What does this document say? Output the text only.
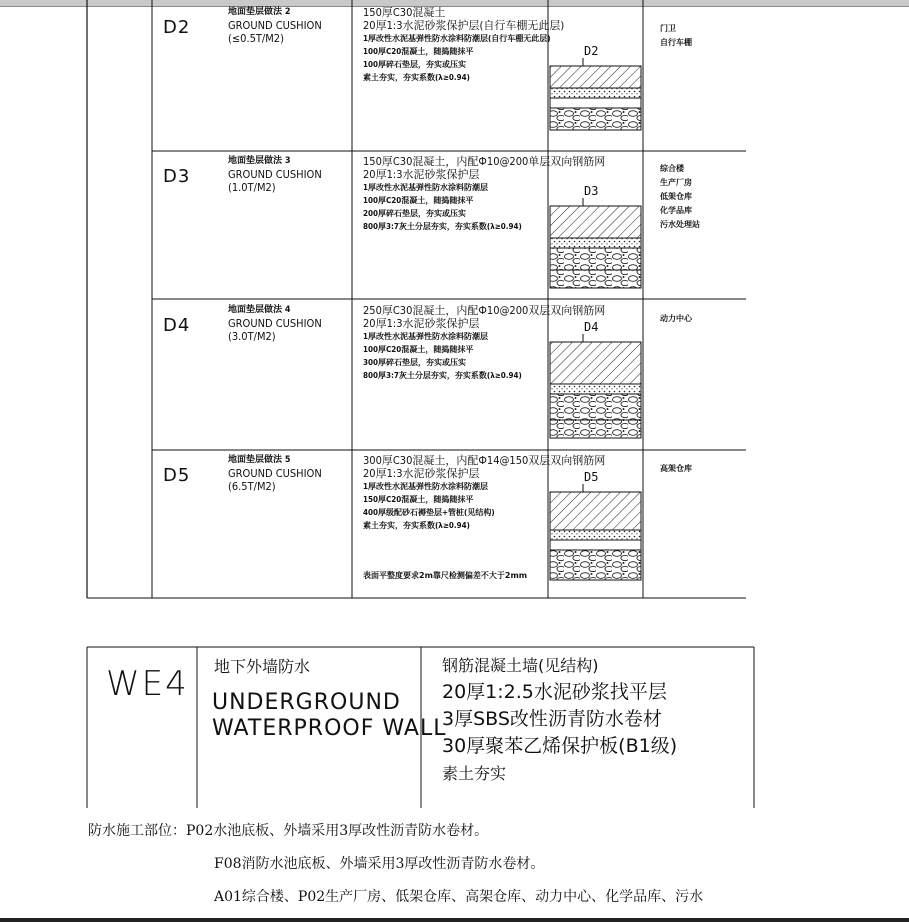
D2
地面垫层做法 2
GROUND CUSHION
(≤0.5T/M2)
150厚C30混凝土
20厚1:3水泥砂浆保护层(自行车棚无此层)
1厚改性水泥基弹性防水涂料防潮层(自行车棚无此层)
100厚C20混凝土，随捣随抹平
100厚碎石垫层，夯实或压实
素土夯实，夯实系数(λ≥0.94)
D2
门卫
自行车棚
D3
地面垫层做法 3
GROUND CUSHION
(1.0T/M2)
150厚C30混凝土，内配Ф10@200单层双向钢筋网
20厚1:3水泥砂浆保护层
1厚改性水泥基弹性防水涂料防潮层
100厚C20混凝土，随捣随抹平
200厚碎石垫层，夯实或压实
800厚3:7灰土分层夯实，夯实系数(λ≥0.94)
D3
综合楼
生产厂房
低架仓库
化学品库
污水处理站
D4
地面垫层做法 4
GROUND CUSHION
(3.0T/M2)
250厚C30混凝土，内配Ф10@200双层双向钢筋网
20厚1:3水泥砂浆保护层
1厚改性水泥基弹性防水涂料防潮层
100厚C20混凝土，随捣随抹平
300厚碎石垫层，夯实或压实
800厚3:7灰土分层夯实，夯实系数(λ≥0.94)
D4
动力中心
D5
地面垫层做法 5
GROUND CUSHION
(6.5T/M2)
300厚C30混凝土，内配Ф14@150双层双向钢筋网
20厚1:3水泥砂浆保护层
1厚改性水泥基弹性防水涂料防潮层
150厚C20混凝土，随捣随抹平
400厚级配砂石褥垫层+管桩(见结构)
素土夯实，夯实系数(λ≥0.94)
表面平整度要求2m靠尺检测偏差不大于2mm
D5
高架仓库
WE4 地下外墙防水
UNDERGROUND
WATERPROOF WALL
钢筋混凝土墙(见结构)
20厚1:2.5水泥砂浆找平层
3厚SBS改性沥青防水卷材
30厚聚苯乙烯保护板(B1级)
素土夯实
防水施工部位：P02水池底板、外墙采用3厚改性沥青防水卷材。
F08消防水池底板、外墙采用3厚改性沥青防水卷材。
A01综合楼、P02生产厂房、低架仓库、高架仓库、动力中心、化学品库、污水
